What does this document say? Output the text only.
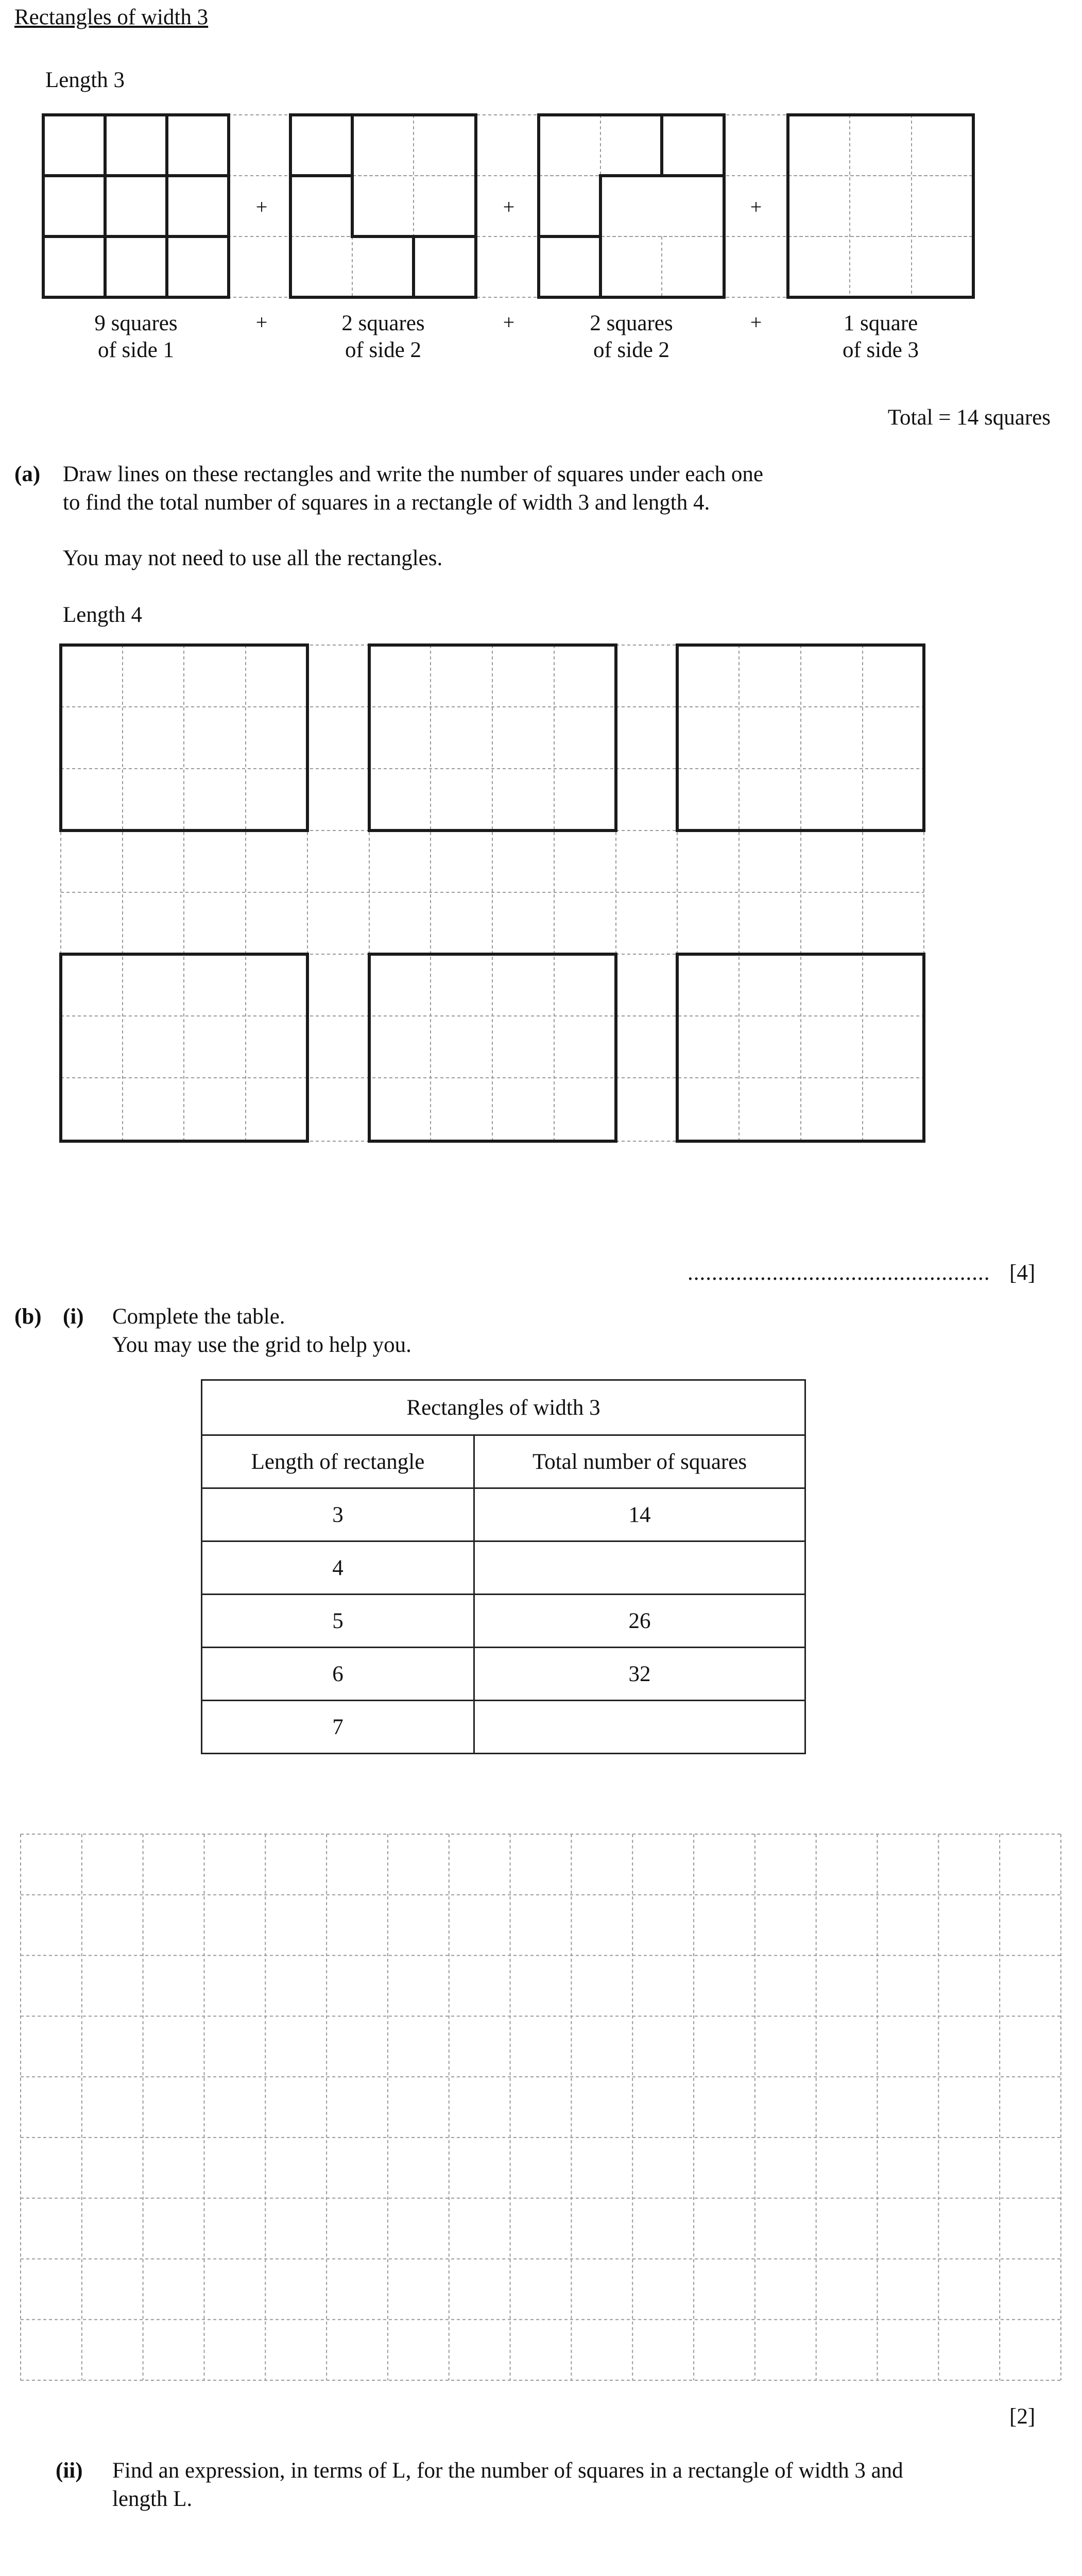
Rectangles of width 3
Length 3
+	+	+
9 squares
of side 1
+	2 squares
of side 2
+	2 squares
of side 2
+	1 square
of side 3
Total = 14 squares
(a) Draw lines on these rectangles and write the number of squares under each one
to find the total number of squares in a rectangle of width 3 and length 4.
You may not need to use all the rectangles.
Length 4
.................................................. [4]
(b) (i) Complete the table.
You may use the grid to help you.
Rectangles of width 3	
Length of rectangle	Total number of squares
3	14
4	
5	26
6	32
7	
[2]
(ii) Find an expression, in terms of L, for the number of squares in a rectangle of width 3 and
length L.
